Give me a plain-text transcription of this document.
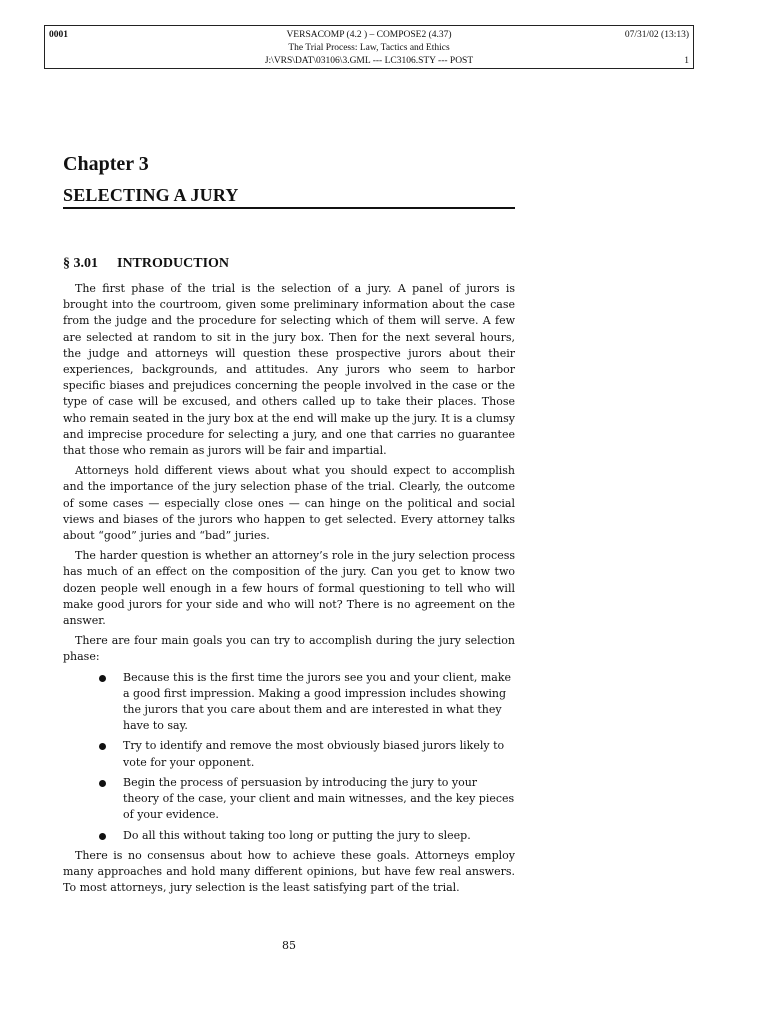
0001	VERSACOMP (4.2 ) – COMPOSE2 (4.37)
The Trial Process: Law, Tactics and Ethics
J:\VRS\DAT\03106\3.GML --- LC3106.STY --- POST
07/31/02 (13:13)
1
Chapter 3
SELECTING A JURY
§ 3.01 INTRODUCTION

The first phase of the trial is the selection of a jury. A panel of jurors is brought into the courtroom, given some preliminary information about the case from the judge and the procedure for selecting which of them will serve. A few are selected at random to sit in the jury box. Then for the next several hours, the judge and attorneys will question these prospective jurors about their experiences, backgrounds, and attitudes. Any jurors who seem to harbor specific biases and prejudices concerning the people involved in the case or the type of case will be excused, and others called up to take their places. Those who remain seated in the jury box at the end will make up the jury. It is a clumsy and imprecise procedure for selecting a jury, and one that carries no guarantee that those who remain as jurors will be fair and impartial.

Attorneys hold different views about what you should expect to accomplish and the importance of the jury selection phase of the trial. Clearly, the outcome of some cases — especially close ones — can hinge on the political and social views and biases of the jurors who happen to get selected. Every attorney talks about “good” juries and “bad” juries.

The harder question is whether an attorney’s role in the jury selection process has much of an effect on the composition of the jury. Can you get to know two dozen people well enough in a few hours of formal questioning to tell who will make good jurors for your side and who will not? There is no agreement on the answer.

There are four main goals you can try to accomplish during the jury selection phase:

Because this is the first time the jurors see you and your client, make a good first impression. Making a good impression includes showing the jurors that you care about them and are interested in what they have to say.
Try to identify and remove the most obviously biased jurors likely to vote for your opponent.
Begin the process of persuasion by introducing the jury to your theory of the case, your client and main witnesses, and the key pieces of your evidence.
Do all this without taking too long or putting the jury to sleep.

There is no consensus about how to achieve these goals. Attorneys employ many approaches and hold many different opinions, but have few real answers. To most attorneys, jury selection is the least satisfying part of the trial.

85
